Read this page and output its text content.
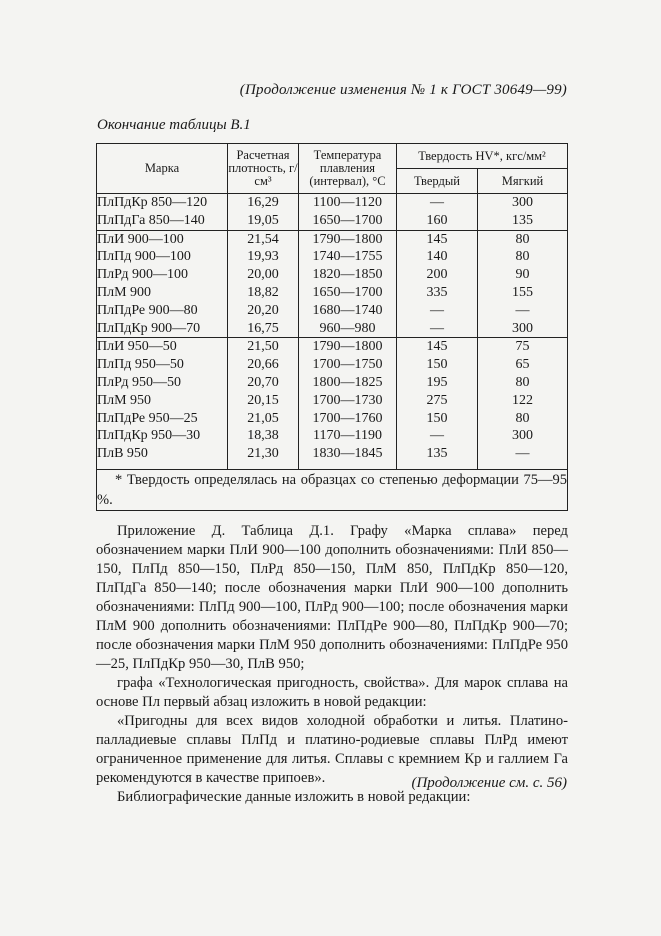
(Продолжение изменения № 1 к ГОСТ 30649—99)
Окончание таблицы В.1
Марка	Расчетная плотность, г/см³	Температура плавления (интервал), °С	Твердость HV*, кгс/мм²	
			Твердый	Мягкий
ПлПдКр 850—120	16,29	1100—1120	—	300
ПлПдГа 850—140	19,05	1650—1700	160	135
ПлИ 900—100	21,54	1790—1800	145	80
ПлПд 900—100	19,93	1740—1755	140	80
ПлРд 900—100	20,00	1820—1850	200	90
ПлМ 900	18,82	1650—1700	335	155
ПлПдРе 900—80	20,20	1680—1740	—	—
ПлПдКр 900—70	16,75	960—980	—	300
ПлИ 950—50	21,50	1790—1800	145	75
ПлПд 950—50	20,66	1700—1750	150	65
ПлРд 950—50	20,70	1800—1825	195	80
ПлМ 950	20,15	1700—1730	275	122
ПлПдРе 950—25	21,05	1700—1760	150	80
ПлПдКр 950—30	18,38	1170—1190	—	300
ПлВ 950	21,30	1830—1845	135	—

* Твердость определялась на образцах со степенью деформации 75—95 %.				

Приложение Д. Таблица Д.1. Графу «Марка сплава» перед обозначением марки ПлИ 900—100 дополнить обозначениями: ПлИ 850—150, ПлПд 850—150, ПлРд 850—150, ПлМ 850, ПлПдКр 850—120, ПлПдГа 850—140; после обозначения марки ПлИ 900—100 дополнить обозначениями: ПлПд 900—100, ПлРд 900—100; после обозначения марки ПлМ 900 дополнить обозначениями: ПлПдРе 900—80, ПлПдКр 900—70; после обозначения марки ПлМ 950 дополнить обозначениями: ПлПдРе 950—25, ПлПдКр 950—30, ПлВ 950;

графа «Технологическая пригодность, свойства». Для марок сплава на основе Пл первый абзац изложить в новой редакции:

«Пригодны для всех видов холодной обработки и литья. Платино-палладиевые сплавы ПлПд и платино-родиевые сплавы ПлРд имеют ограниченное применение для литья. Сплавы с кремнием Кр и галлием Га рекомендуются в качестве припоев».

Библиографические данные изложить в новой редакции:

(Продолжение см. с. 56)
